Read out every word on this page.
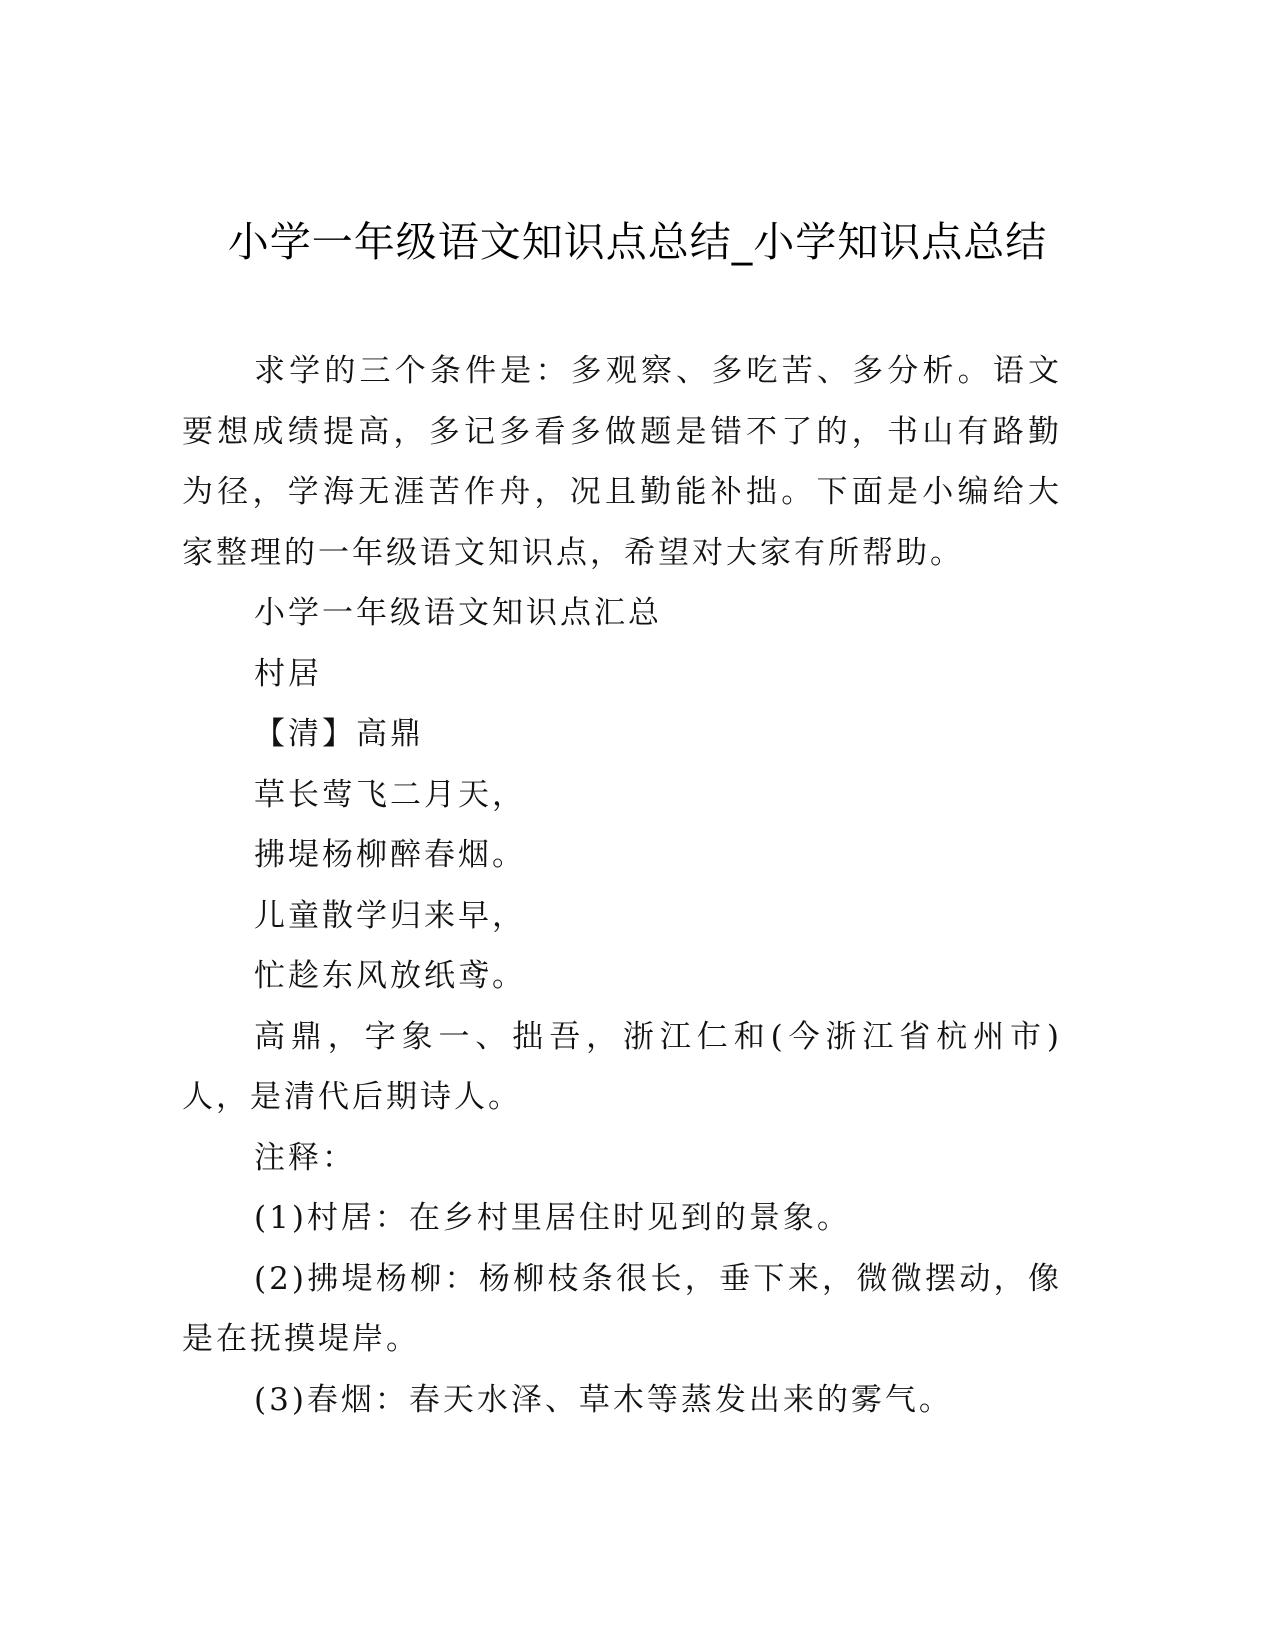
小学一年级语文知识点总结_小学知识点总结

求学的三个条件是：多观察、多吃苦、多分析。语文要想成绩提高，多记多看多做题是错不了的，书山有路勤为径，学海无涯苦作舟，况且勤能补拙。下面是小编给大家整理的一年级语文知识点，希望对大家有所帮助。

小学一年级语文知识点汇总

村居

【清】高鼎

草长莺飞二月天，

拂堤杨柳醉春烟。

儿童散学归来早，

忙趁东风放纸鸢。

高鼎，字象一、拙吾，浙江仁和(今浙江省杭州市)人，是清代后期诗人。

注释：

(1)村居：在乡村里居住时见到的景象。

(2)拂堤杨柳：杨柳枝条很长，垂下来，微微摆动，像是在抚摸堤岸。

(3)春烟：春天水泽、草木等蒸发出来的雾气。
